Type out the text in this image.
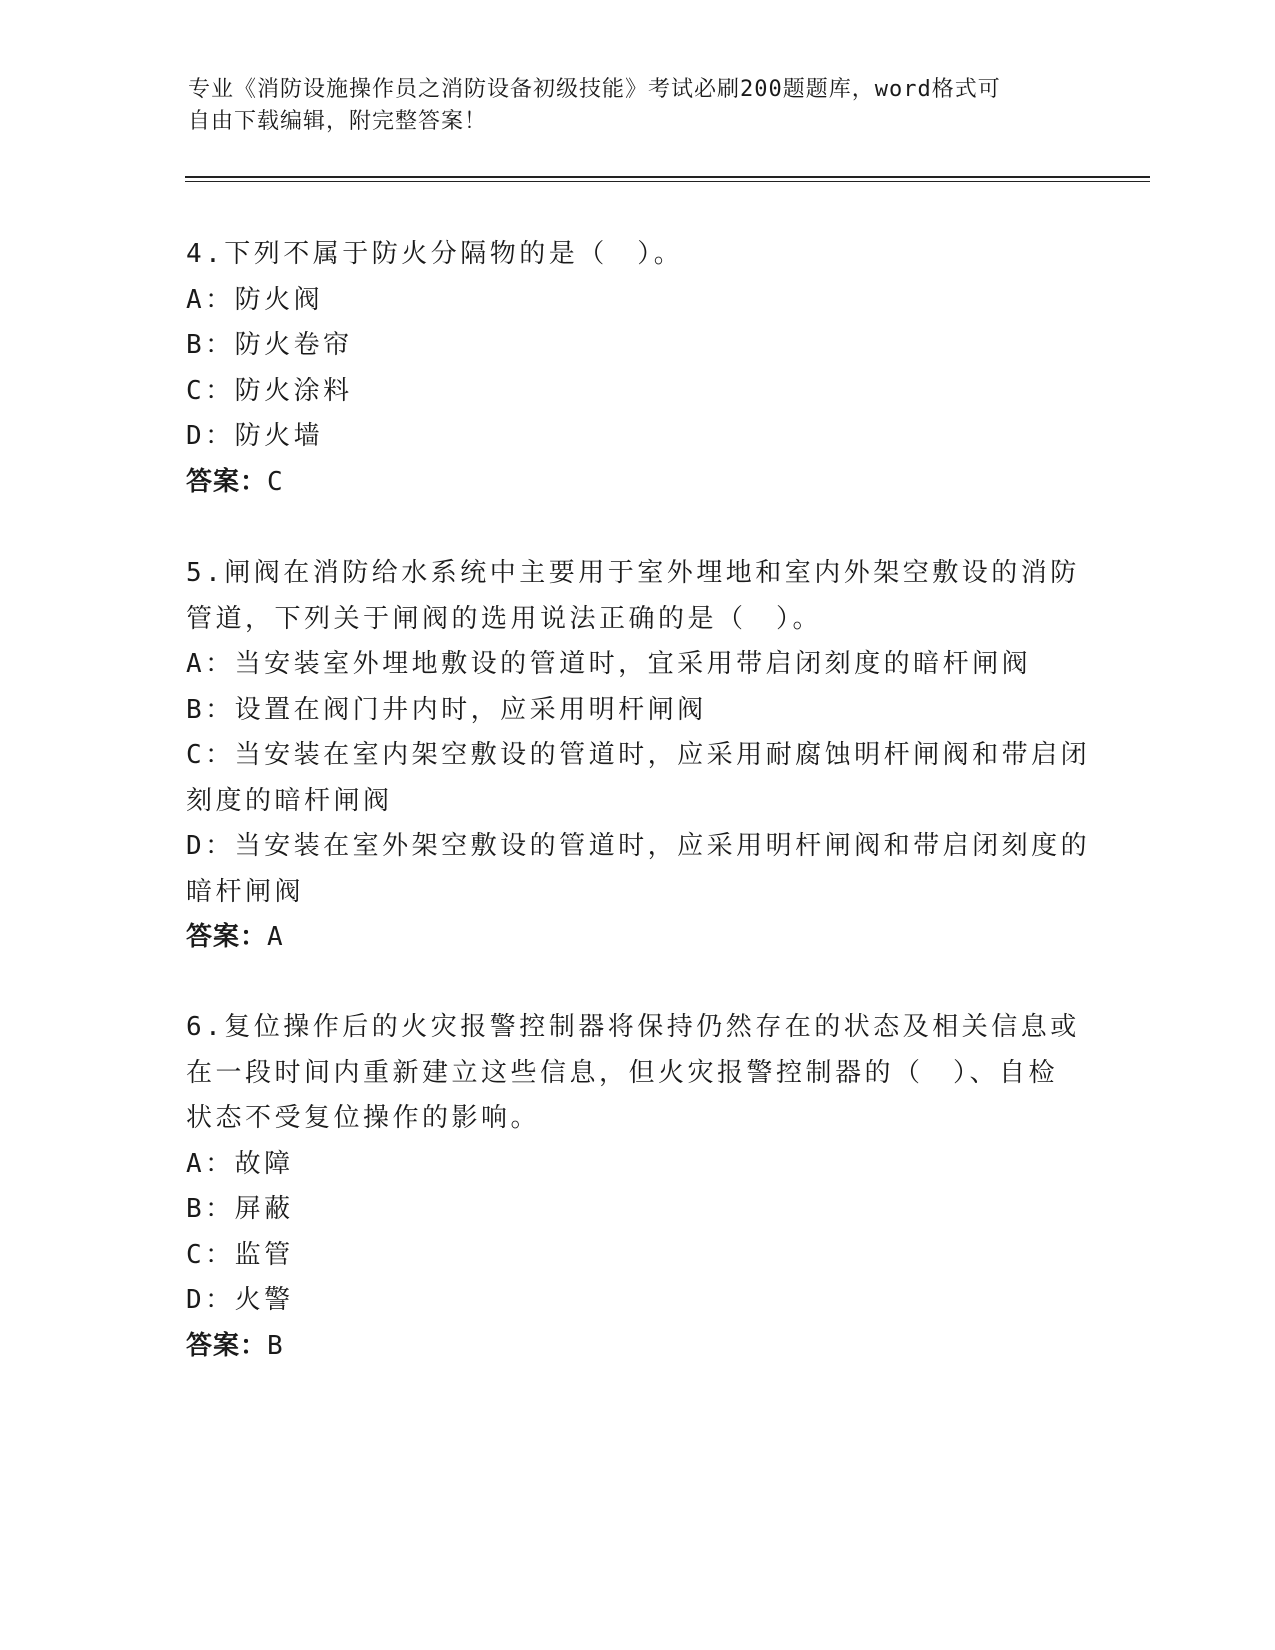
专业《消防设施操作员之消防设备初级技能》考试必刷200题题库，word格式可
自由下载编辑，附完整答案！
4.下列不属于防火分隔物的是（　）。
A：防火阀
B：防火卷帘
C：防火涂料
D：防火墙
答案：C
5.闸阀在消防给水系统中主要用于室外埋地和室内外架空敷设的消防
管道，下列关于闸阀的选用说法正确的是（　）。
A：当安装室外埋地敷设的管道时，宜采用带启闭刻度的暗杆闸阀
B：设置在阀门井内时，应采用明杆闸阀
C：当安装在室内架空敷设的管道时，应采用耐腐蚀明杆闸阀和带启闭
刻度的暗杆闸阀
D：当安装在室外架空敷设的管道时，应采用明杆闸阀和带启闭刻度的
暗杆闸阀
答案：A
6.复位操作后的火灾报警控制器将保持仍然存在的状态及相关信息或
在一段时间内重新建立这些信息，但火灾报警控制器的（　）、自检
状态不受复位操作的影响。
A：故障
B：屏蔽
C：监管
D：火警
答案：B
